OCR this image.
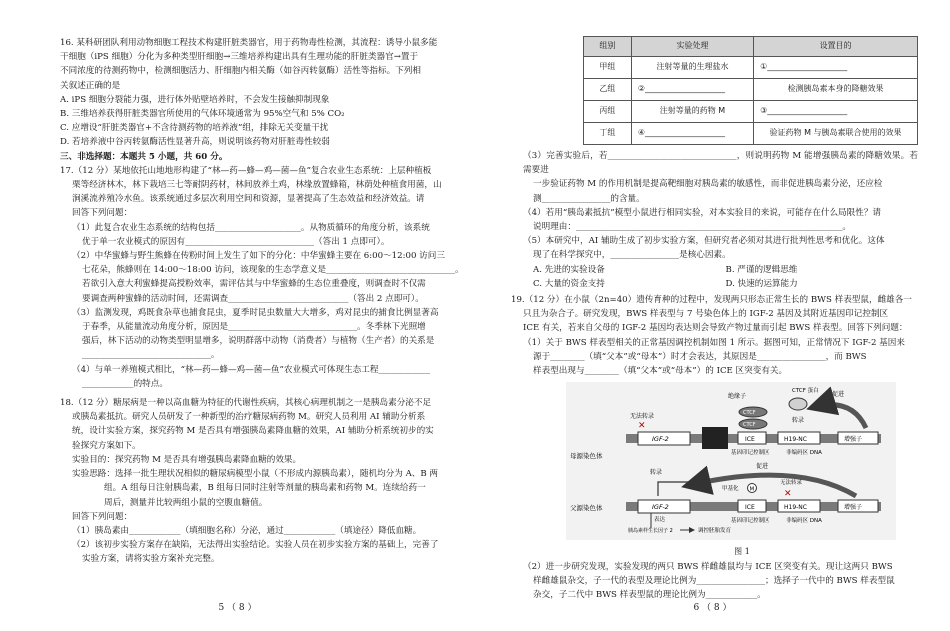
16. 某科研团队利用动物细胞工程技术构建肝脏类器官，用于药物毒性检测，其流程：诱导小鼠多能

干细胞（iPS 细胞）分化为多种类型肝细胞→三维培养构建出具有生理功能的肝脏类器官→置于

不同浓度的待测药物中，检测细胞活力、肝细胞内相关酶（如谷丙转氨酶）活性等指标。下列相

关叙述正确的是

A. iPS 细胞分裂能力强，进行体外贴壁培养时，不会发生接触抑制现象

B. 三维培养获得肝脏类器官所使用的气体环境通常为 95%空气和 5% CO₂

C. 应增设“肝脏类器官+不含待测药物的培养液”组，排除无关变量干扰

D. 若培养液中谷丙转氨酶活性显著升高，则说明该药物对肝脏毒性较弱

三、非选择题：本题共 5 小题，共 60 分。

17.（12 分）某地依托山地地形构建了“林—药—蜂—鸡—菌—鱼”复合农业生态系统：上层种植板

栗等经济林木，林下栽培三七等耐阴药材，林间放养土鸡，林缘放置蜂箱，林荫处种植食用菌，山

涧溪流养殖冷水鱼。该系统通过多层次利用空间和资源，显著提高了生态效益和经济效益。请

回答下列问题：

（1）此复合农业生态系统的结构包括____________________。从物质循环的角度分析，该系统

优于单一农业模式的原因有______________________________（答出 1 点即可）。

（2）中华蜜蜂与野生熊蜂在传粉时间上发生了如下的分化：中华蜜蜂主要在 6:00～12:00 访问三

七花朵，熊蜂则在 14:00～18:00 访问，该现象的生态学意义是______________________________。

若欲引入意大利蜜蜂提高授粉效率，需评估其与中华蜜蜂的生态位重叠度，则调查时不仅需

要调查两种蜜蜂的活动时间，还需调查____________________________（答出 2 点即可）。

（3）监测发现，鸡既食杂草也捕食昆虫，夏季时昆虫数量大大增多，鸡对昆虫的捕食比例显著高

于春季，从能量流动角度分析，原因是______________________________。冬季林下光照增

强后，林下活动的动物类型明显增多，说明群落中动物（消费者）与植物（生产者）的关系是

______________________________。

（4）与单一养殖模式相比，“林—药—蜂—鸡—菌—鱼”农业模式可体现生态工程____________

____________的特点。

18.（12 分）糖尿病是一种以高血糖为特征的代谢性疾病，其核心病理机制之一是胰岛素分泌不足

或胰岛素抵抗。研究人员研发了一种新型的治疗糖尿病药物 M。研究人员利用 AI 辅助分析系

统，设计实验方案，探究药物 M 是否具有增强胰岛素降血糖的效果，AI 辅助分析系统初步的实

验探究方案如下。

实验目的：探究药物 M 是否具有增强胰岛素降血糖的效果。

实验思路：选择一批生理状况相似的糖尿病模型小鼠（不形成内源胰岛素），随机均分为 A、B 两

组。A 组每日注射胰岛素，B 组每日同时注射等剂量的胰岛素和药物 M。连续给药一

周后，测量并比较两组小鼠的空腹血糖值。

回答下列问题：

（1）胰岛素由____________（填细胞名称）分泌，通过____________（填途径）降低血糖。

（2）该初步实验方案存在缺陷，无法得出实验结论。实验人员在初步实验方案的基础上，完善了

实验方案，请将实验方案补充完整。

5 （ 8 ）
组别	实验处理	设置目的
甲组	注射等量的生理盐水	①____________________
乙组	②____________________	检测胰岛素本身的降糖效果
丙组	注射等量的药物 M	③____________________
丁组	④____________________	验证药物 M 与胰岛素联合使用的效果

（3）完善实验后，若______________________________，则说明药物 M 能增强胰岛素的降糖效果。若需要进

一步验证药物 M 的作用机制是提高靶细胞对胰岛素的敏感性，而非促进胰岛素分泌，还应检

测________________的含量。

（4）若用“胰岛素抵抗”模型小鼠进行相同实验，对本实验目的来说，可能存在什么局限性？请

说明理由：______________________________________________________________。

（5）本研究中，AI 辅助生成了初步实验方案，但研究者必须对其进行批判性思考和优化。这体

现了在科学探究中，________________是核心因素。

A. 先进的实验设备	B. 严谨的逻辑思维
C. 大量的资金支持	D. 快速的运算能力

19.（12 分）在小鼠（2n=40）遗传育种的过程中，发现两只形态正常生长的 BWS 样表型鼠，雌雄各一

只且为杂合子。研究发现，BWS 样表型与 7 号染色体上的 IGF-2 基因及其附近基因印记控制区

ICE 有关，若来自父母的 IGF-2 基因均表达则会导致产物过量而引起 BWS 样表型。回答下列问题：

（1）关于 BWS 样表型相关的正常基因调控机制如图 1 所示。据图可知，正常情况下 IGF-2 基因来

源于________（填“父本”或“母本”）时才会表达，其原因是________________，而 BWS

样表型出现与________（填“父本”或“母本”）的 ICE 区突变有关。

母源染色体
无法转录
✕
IGF-2
绝缘子
CTCF
CTCF
ICE
CTCF 蛋白 促进
转录
H19-NC	增强子
基因印记控制区	非编码区 DNA
父源染色体
转录
促进
IGF-2
甲基化 M
无法转录
✕
ICE	H19-NC	增强子
基因印记控制区	非编码区 DNA
表达
胰岛素样生长因子 2	调控胚胎发育

图 1

（2）进一步研究发现，实验发现的两只 BWS 样雌雄鼠均与 ICE 区突变有关。现让这两只 BWS

样雌雄鼠杂交，子一代的表型及理论比例为________________；选择子一代中的 BWS 样表型鼠

杂交，子二代中 BWS 样表型鼠的理论比例为____________。

6 （ 8 ）
